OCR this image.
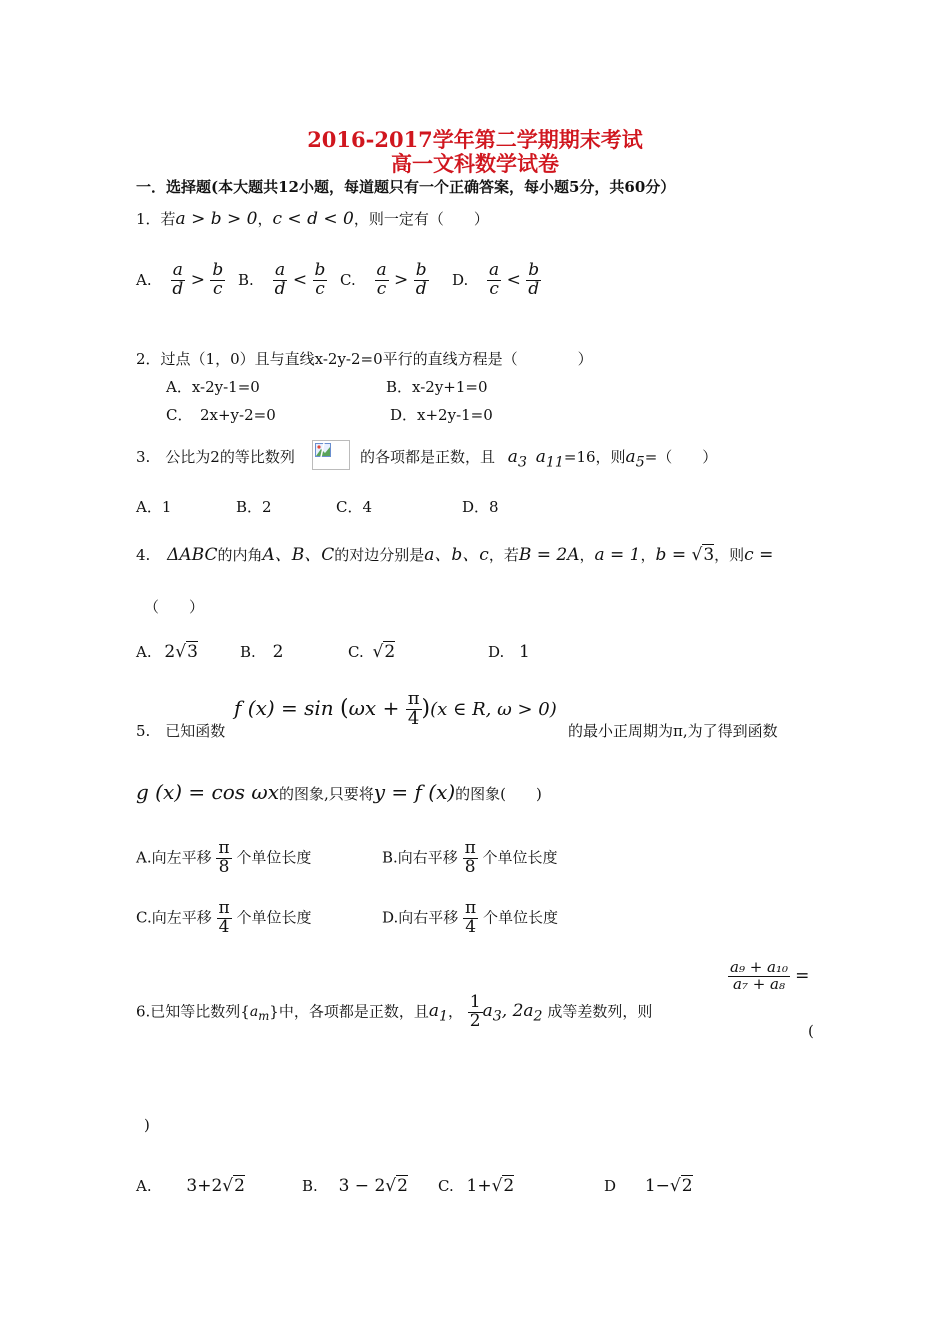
2016-2017学年第二学期期末考试
高一文科数学试卷
一．选择题(本大题共12小题，每道题只有一个正确答案，每小题5分，共60分）
1．若a > b > 0，c < d < 0，则一定有（　　）
A. $\frac{a}{d} > \frac{b}{c} B$. $\frac{a}{d} < \frac{b}{c} C$. $\frac{a}{c} > \frac{b}{d} D$. $\frac{a}{c} < \frac{b}{d}$
2．过点（1，0）且与直线x-2y-2=0平行的直线方程是（　　　　）
A．x-2y-1=0	B．x-2y+1=0
C．　2x+y-2=0	D．x+2y-1=0
3.　公比为2的等比数列	的各项都是正数，且 $a_3$ $a_{11}=16$，则$a_5=$（　　）
A．1	B．2	C．4	D．8
4. ΔABC的内角A、B、C的对边分别是a、b、c，若B = 2A，a = 1，b = √3，则c =
（　　）
A. 2√3	B. 2	C. √2	D. 1
5.　已知函数
f $(x) = \sin (\omega x + \frac{\pi}{4} )(x$ ∈ R, ω > 0)
的最小正周期为π,为了得到函数
g (x) = cos ωx的图象,只要将y = f (x)的图象(　　)
A.向左平移 $\frac{\pi}{8}$ 个单位长度	B.向右平移 $\frac{\pi}{8}$ 个单位长度
C.向左平移 $\frac{\pi}{4}$ 个单位长度	D.向右平移 $\frac{\pi}{4}$ 个单位长度
6.已知等比数列$\{a_m\}$中，各项都是正数，且$a_1$， $\frac{1}{2} a_3$, $2a_2$ 成等差数列，则
$\frac{\text{a₉ + a₁₀}}{\text{a₇ + a₈}}$ =
(
)
A. 3+2√2	B. 3 − 2√2 C. 1+√2	D 1−√2
